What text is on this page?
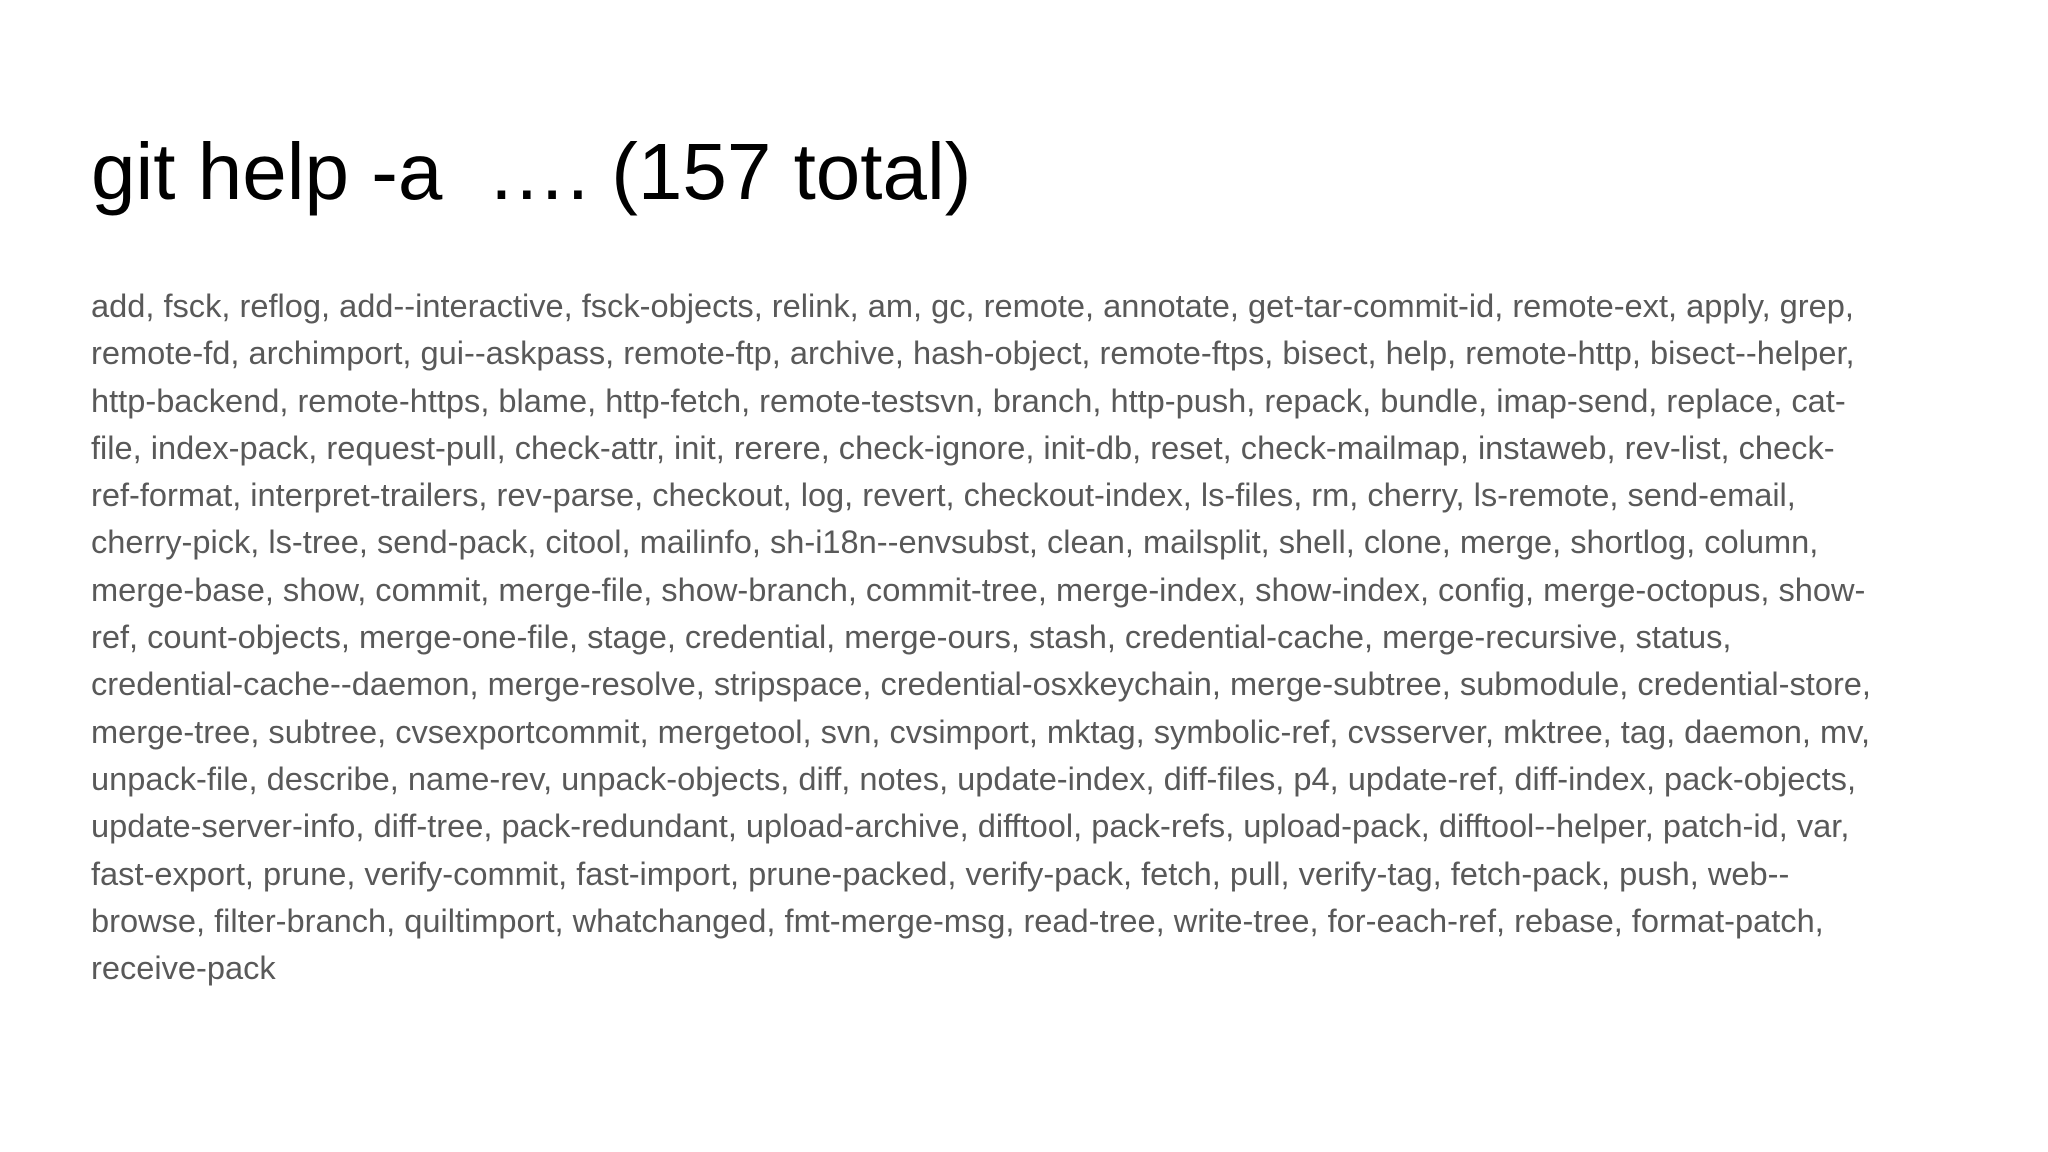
git help -a  …. (157 total)
add, fsck, reflog, add--interactive, fsck-objects, relink, am, gc, remote, annotate, get-tar-commit-id, remote-ext, apply, grep,
remote-fd, archimport, gui--askpass, remote-ftp, archive, hash-object, remote-ftps, bisect, help, remote-http, bisect--helper,
http-backend, remote-https, blame, http-fetch, remote-testsvn, branch, http-push, repack, bundle, imap-send, replace, cat-
file, index-pack, request-pull, check-attr, init, rerere, check-ignore, init-db, reset, check-mailmap, instaweb, rev-list, check-
ref-format, interpret-trailers, rev-parse, checkout, log, revert, checkout-index, ls-files, rm, cherry, ls-remote, send-email,
cherry-pick, ls-tree, send-pack, citool, mailinfo, sh-i18n--envsubst, clean, mailsplit, shell, clone, merge, shortlog, column,
merge-base, show, commit, merge-file, show-branch, commit-tree, merge-index, show-index, config, merge-octopus, show-
ref, count-objects, merge-one-file, stage, credential, merge-ours, stash, credential-cache, merge-recursive, status,
credential-cache--daemon, merge-resolve, stripspace, credential-osxkeychain, merge-subtree, submodule, credential-store,
merge-tree, subtree, cvsexportcommit, mergetool, svn, cvsimport, mktag, symbolic-ref, cvsserver, mktree, tag, daemon, mv,
unpack-file, describe, name-rev, unpack-objects, diff, notes, update-index, diff-files, p4, update-ref, diff-index, pack-objects,
update-server-info, diff-tree, pack-redundant, upload-archive, difftool, pack-refs, upload-pack, difftool--helper, patch-id, var,
fast-export, prune, verify-commit, fast-import, prune-packed, verify-pack, fetch, pull, verify-tag, fetch-pack, push, web--
browse, filter-branch, quiltimport, whatchanged, fmt-merge-msg, read-tree, write-tree, for-each-ref, rebase, format-patch,
receive-pack
